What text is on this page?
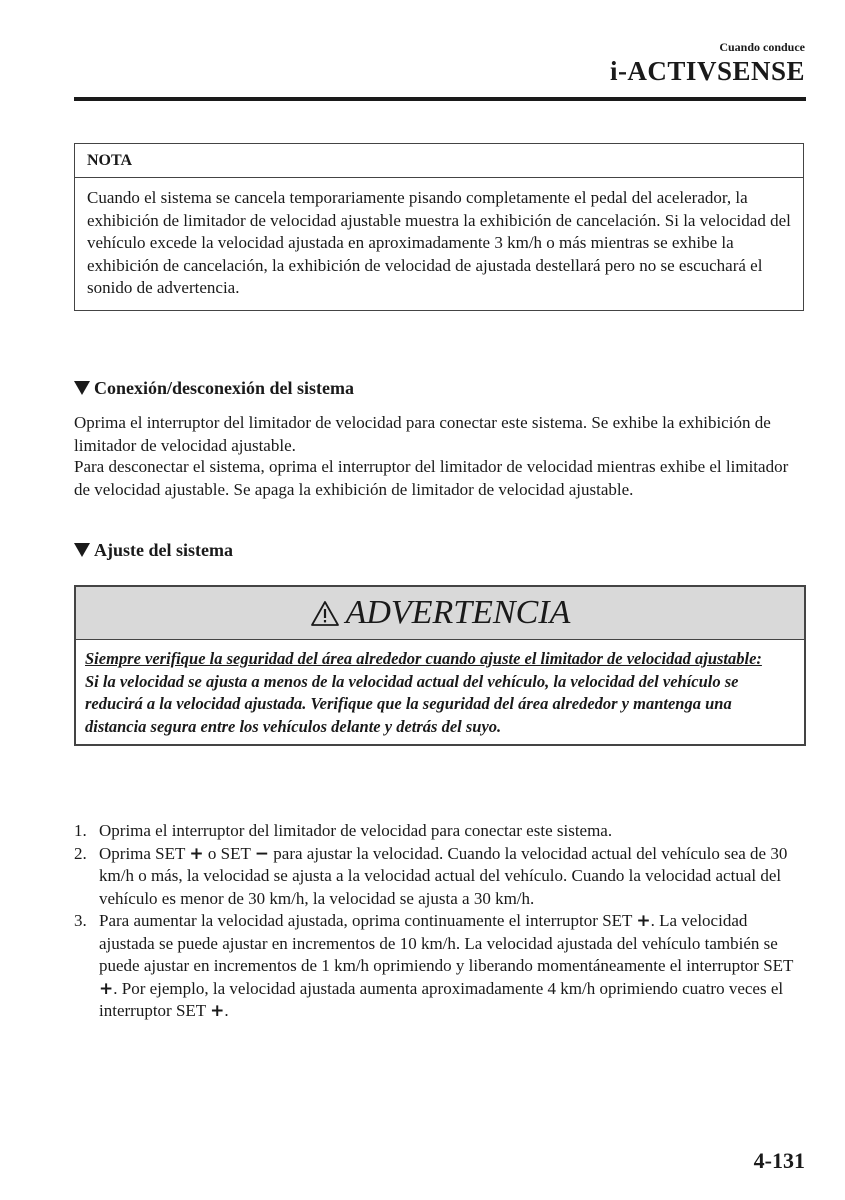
Cuando conduce
i-ACTIVSENSE
NOTA
Cuando el sistema se cancela temporariamente pisando completamente el pedal del acelerador, la exhibición de limitador de velocidad ajustable muestra la exhibición de cancelación. Si la velocidad del vehículo excede la velocidad ajustada en aproximadamente 3 km/h o más mientras se exhibe la exhibición de cancelación, la exhibición de velocidad de ajustada destellará pero no se escuchará el sonido de advertencia.
Conexión/desconexión del sistema
Oprima el interruptor del limitador de velocidad para conectar este sistema. Se exhibe la exhibición de limitador de velocidad ajustable.
Para desconectar el sistema, oprima el interruptor del limitador de velocidad mientras exhibe el limitador de velocidad ajustable. Se apaga la exhibición de limitador de velocidad ajustable.
Ajuste del sistema
ADVERTENCIA
Siempre verifique la seguridad del área alrededor cuando ajuste el limitador de velocidad ajustable:
Si la velocidad se ajusta a menos de la velocidad actual del vehículo, la velocidad del vehículo se reducirá a la velocidad ajustada. Verifique que la seguridad del área alrededor y mantenga una distancia segura entre los vehículos delante y detrás del suyo.
1. Oprima el interruptor del limitador de velocidad para conectar este sistema.
2. Oprima SET + o SET − para ajustar la velocidad. Cuando la velocidad actual del vehículo sea de 30 km/h o más, la velocidad se ajusta a la velocidad actual del vehículo. Cuando la velocidad actual del vehículo es menor de 30 km/h, la velocidad se ajusta a 30 km/h.
3. Para aumentar la velocidad ajustada, oprima continuamente el interruptor SET +. La velocidad ajustada se puede ajustar en incrementos de 10 km/h. La velocidad ajustada del vehículo también se puede ajustar en incrementos de 1 km/h oprimiendo y liberando momentáneamente el interruptor SET +. Por ejemplo, la velocidad ajustada aumenta aproximadamente 4 km/h oprimiendo cuatro veces el interruptor SET +.
4-131
